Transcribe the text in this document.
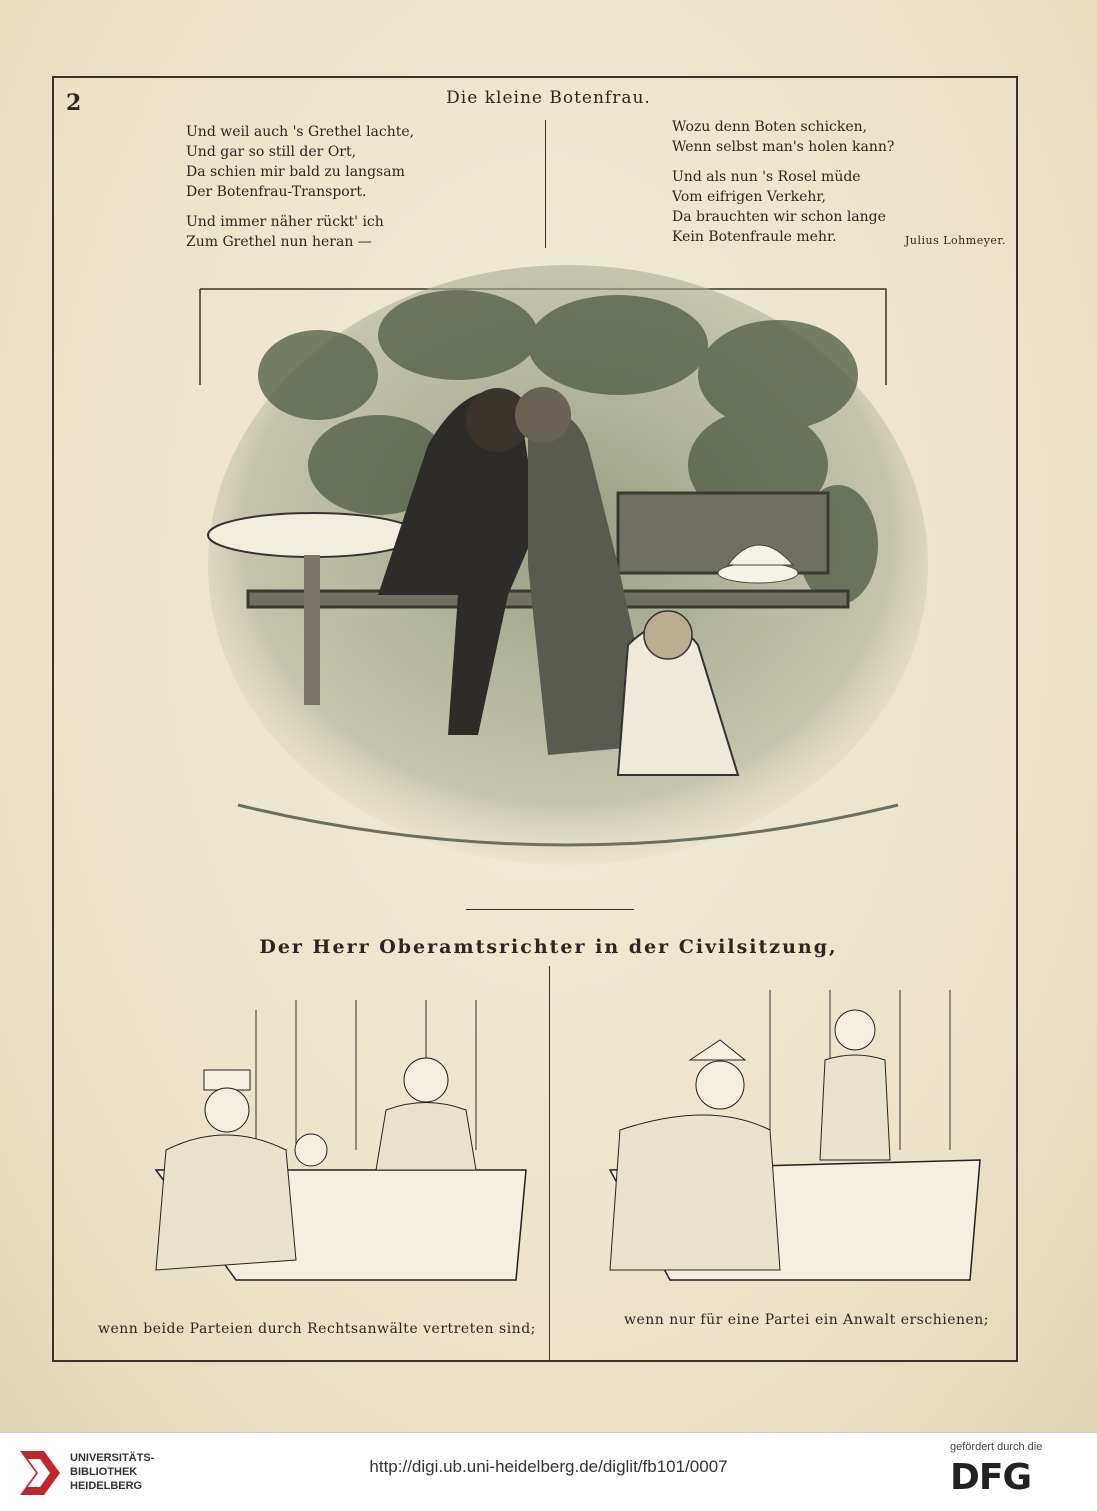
2	Die kleine Botenfrau.
Und weil auch 's Grethel lachte,
Und gar so still der Ort,
Da schien mir bald zu langsam
Der Botenfrau-Transport.
Und immer näher rückt' ich
Zum Grethel nun heran —
Wozu denn Boten schicken,
Wenn selbst man's holen kann?
Und als nun 's Rosel müde
Vom eifrigen Verkehr,
Da brauchten wir schon lange
Kein Botenfraule mehr.	Julius Lohmeyer.
Der Herr Oberamtsrichter in der Civilsitzung,
wenn beide Parteien durch Rechtsanwälte vertreten sind;
wenn nur für eine Partei ein Anwalt erschienen;
UNIVERSITÄTS-
BIBLIOTHEK
HEIDELBERG
http://digi.ub.uni-heidelberg.de/diglit/fb101/0007
gefördert durch die
DFG
